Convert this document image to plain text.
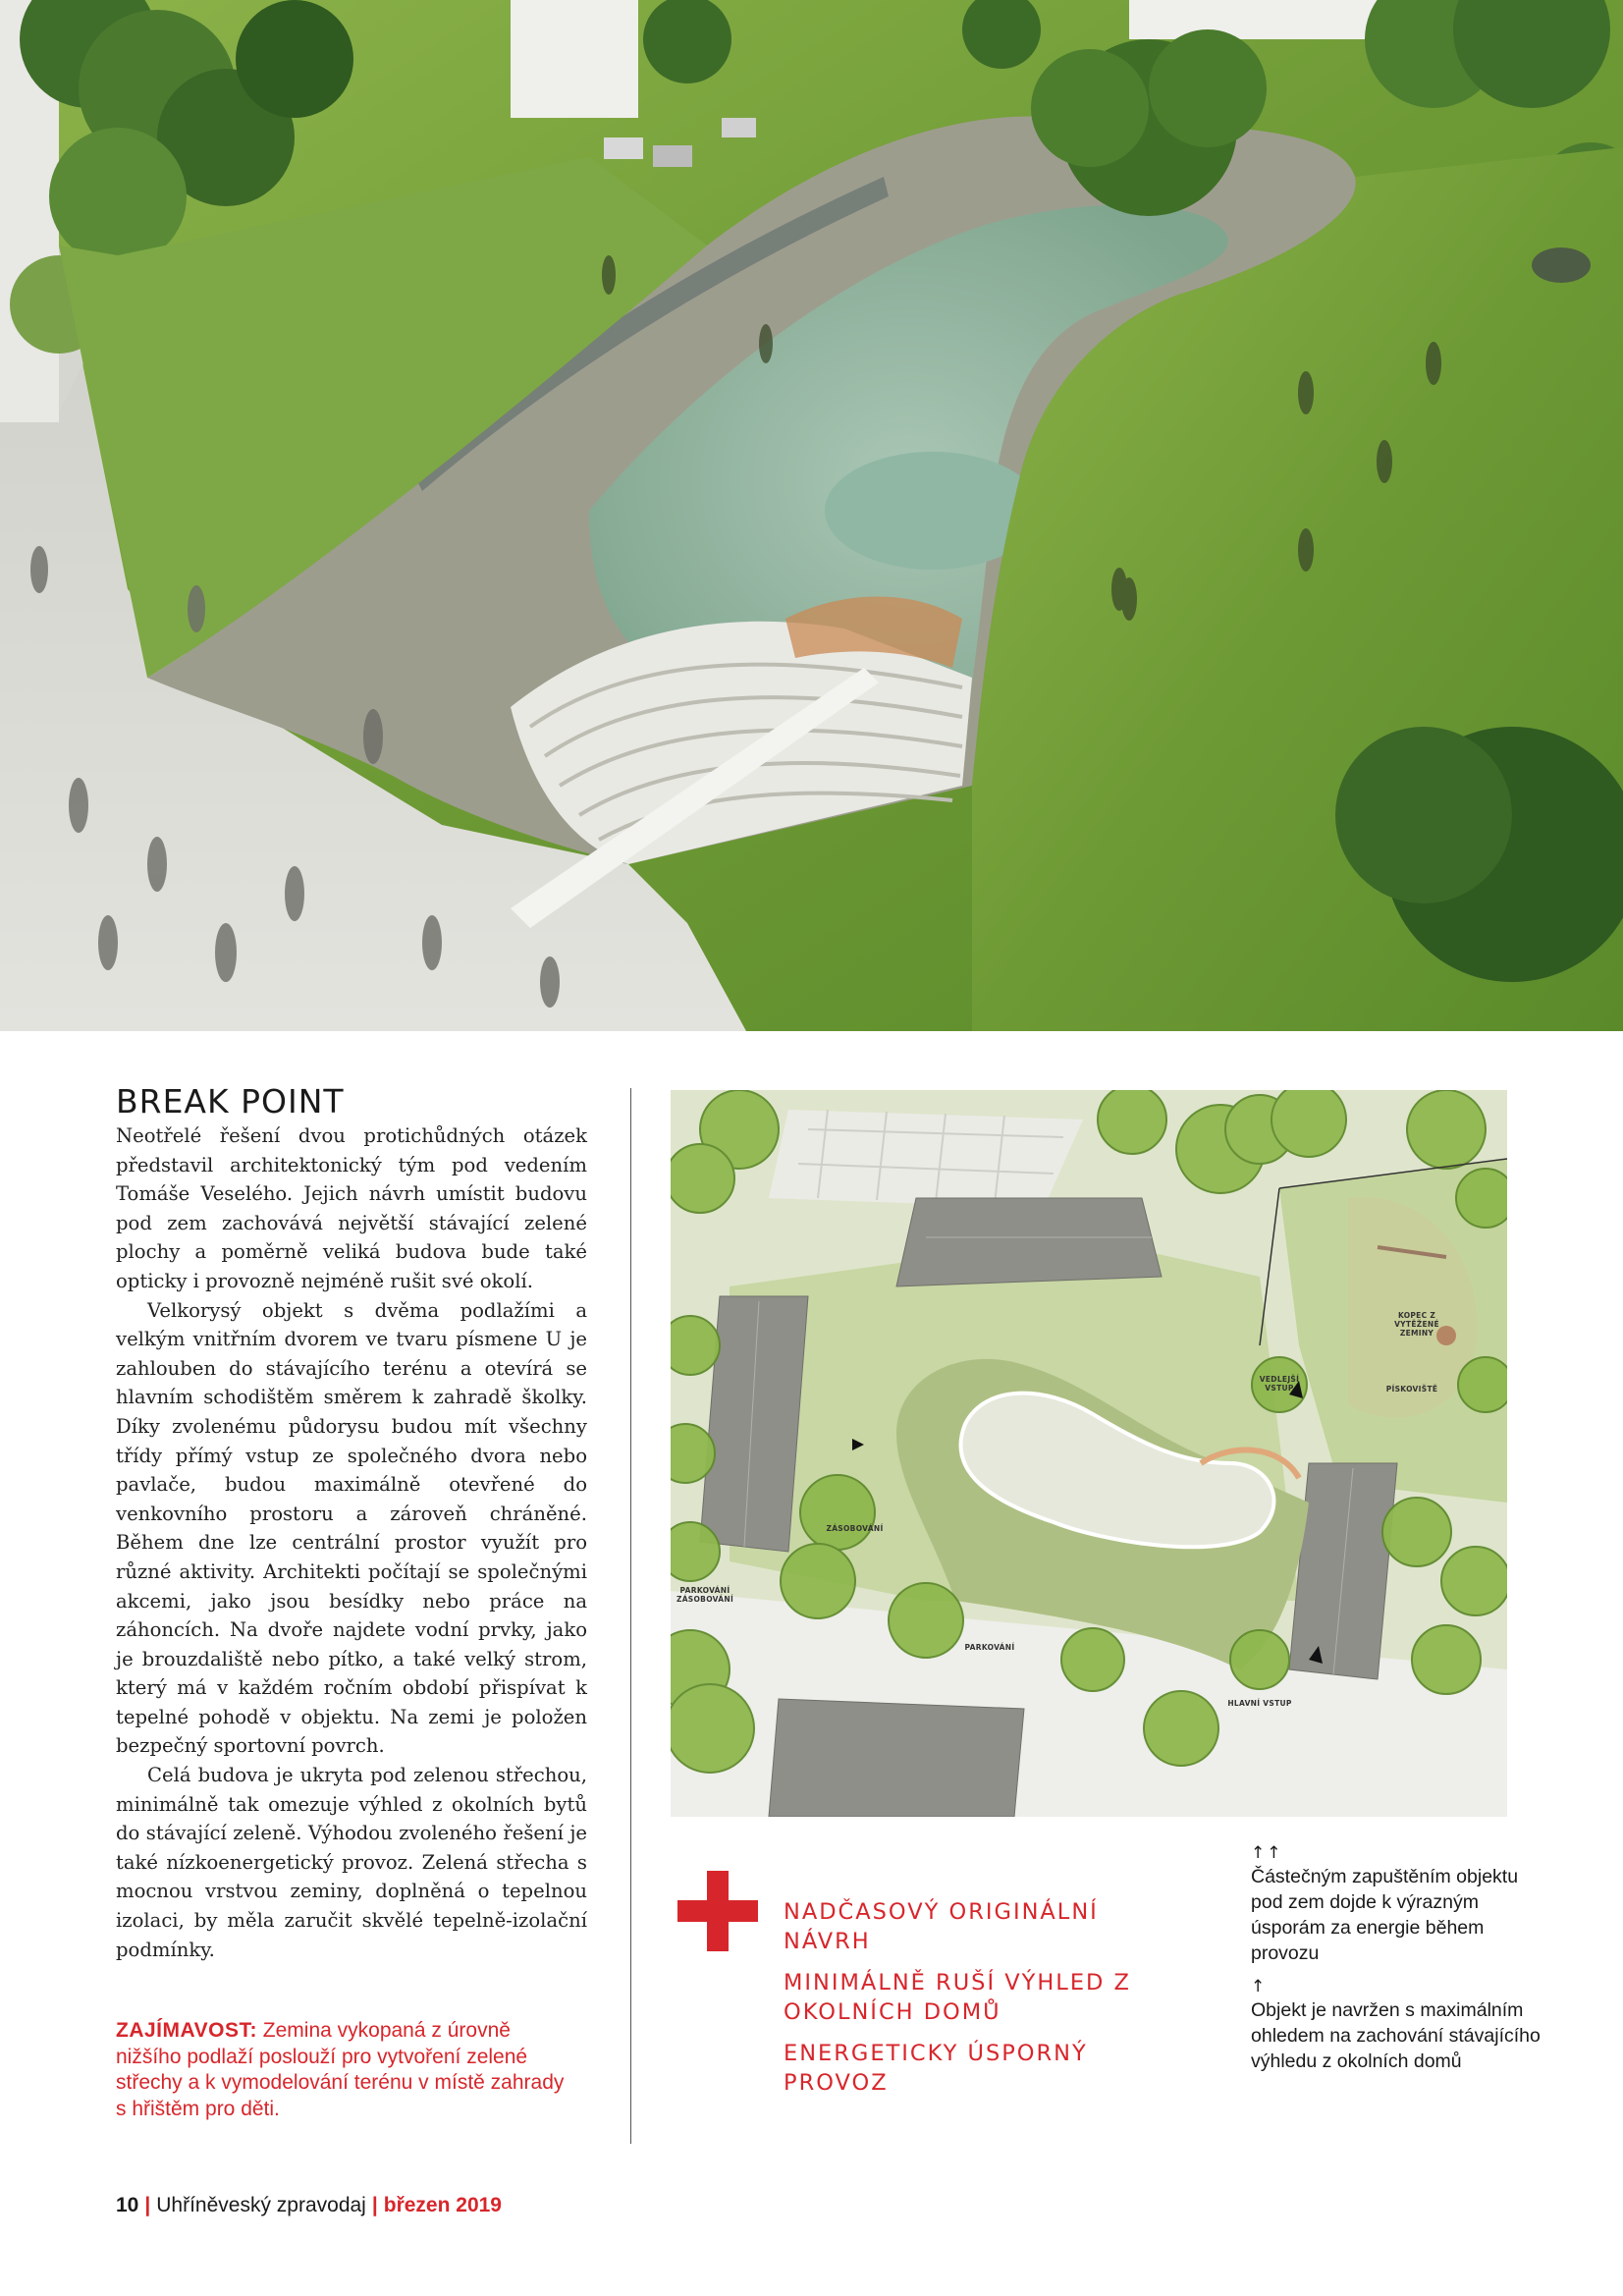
BREAK POINT

Neotřelé řešení dvou protichůdných otázek představil architektonický tým pod vedením Tomáše Veselého. Jejich návrh umístit budovu pod zem zachovává největší stávající zelené plochy a poměrně veliká budova bude také opticky i provozně nejméně rušit své okolí.

Velkorysý objekt s dvěma podlažími a velkým vnitřním dvorem ve tvaru písmene U je zahlouben do stávajícího terénu a otevírá se hlavním schodištěm směrem k zahradě školky. Díky zvolenému půdorysu budou mít všechny třídy přímý vstup ze společného dvora nebo pavlače, budou maximálně otevřené do venkovního prostoru a zároveň chráněné. Během dne lze centrální prostor využít pro různé aktivity. Architekti počítají se společnými akcemi, jako jsou besídky nebo práce na záhoncích. Na dvoře najdete vodní prvky, jako je brouzdaliště nebo pítko, a také velký strom, který má v každém ročním období přispívat k tepelné pohodě v objektu. Na zemi je položen bezpečný sportovní povrch.

Celá budova je ukryta pod zelenou střechou, minimálně tak omezuje výhled z okolních bytů do stávající zeleně. Výhodou zvoleného řešení je také nízkoenergetický provoz. Zelená střecha s mocnou vrstvou zeminy, doplněná o tepelnou izolaci, by měla zaručit skvělé tepelně-izolační podmínky.

ZAJÍMAVOST: Zemina vykopaná z úrovně nižšího podlaží poslouží pro vytvoření zelené střechy a k vymodelování terénu v místě zahrady s hřištěm pro děti.
KOPEC Z VYTĚŽENÉ ZEMINY
VEDLEJŠÍ VSTUP	PÍSKOVIŠTĚ
ZÁSOBOVÁNÍ
PARKOVÁNÍ ZÁSOBOVÁNÍ
PARKOVÁNÍ
HLAVNÍ VSTUP
NADČASOVÝ ORIGINÁLNÍ NÁVRH
MINIMÁLNĚ RUŠÍ VÝHLED Z OKOLNÍCH DOMŮ
ENERGETICKY ÚSPORNÝ PROVOZ
↑↑
Částečným zapuštěním objektu pod zem dojde k výrazným úsporám za energie během provozu
↑
Objekt je navržen s maximálním ohledem na zachování stávajícího výhledu z okolních domů
10 | Uhříněveský zpravodaj | březen 2019
